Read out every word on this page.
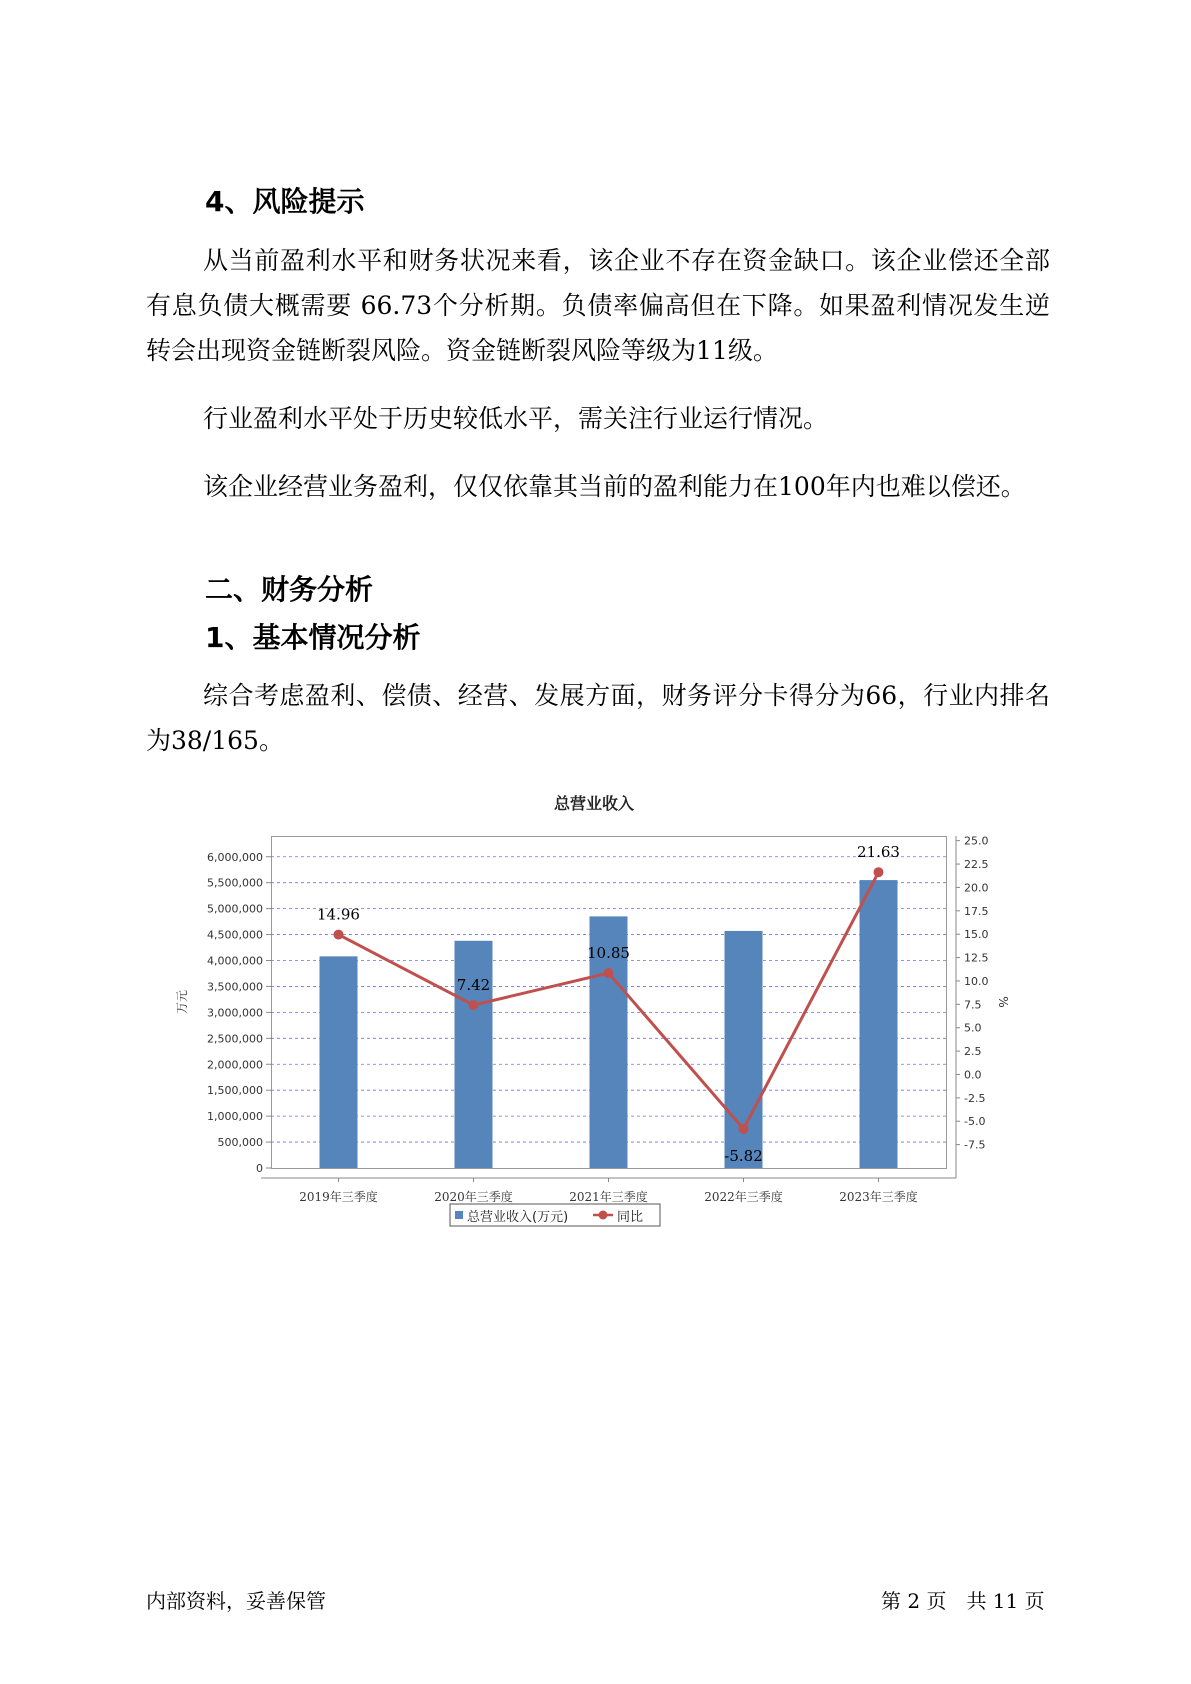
4、风险提示

从当前盈利水平和财务状况来看，该企业不存在资金缺口。该企业偿还全部有息负债大概需要 66.73个分析期。负债率偏高但在下降。如果盈利情况发生逆转会出现资金链断裂风险。资金链断裂风险等级为11级。

行业盈利水平处于历史较低水平，需关注行业运行情况。

该企业经营业务盈利，仅仅依靠其当前的盈利能力在100年内也难以偿还。

二、财务分析
1、基本情况分析

综合考虑盈利、偿债、经营、发展方面，财务评分卡得分为66，行业内排名为38/165。

总营业收入
0
500,000
1,000,000
1,500,000
2,000,000
2,500,000
3,000,000
3,500,000
4,000,000
4,500,000
5,000,000
5,500,000
6,000,000
-7.5
-5.0
-2.5
0.0
2.5
5.0
7.5
10.0
12.5
15.0
17.5
20.0
22.5
25.0
万元	%
2019年三季度	2020年三季度	2021年三季度	2022年三季度	2023年三季度
14.96
7.42
10.85
-5.82
21.63
总营业收入(万元)	同比
内部资料，妥善保管	第 2 页　共 11 页
